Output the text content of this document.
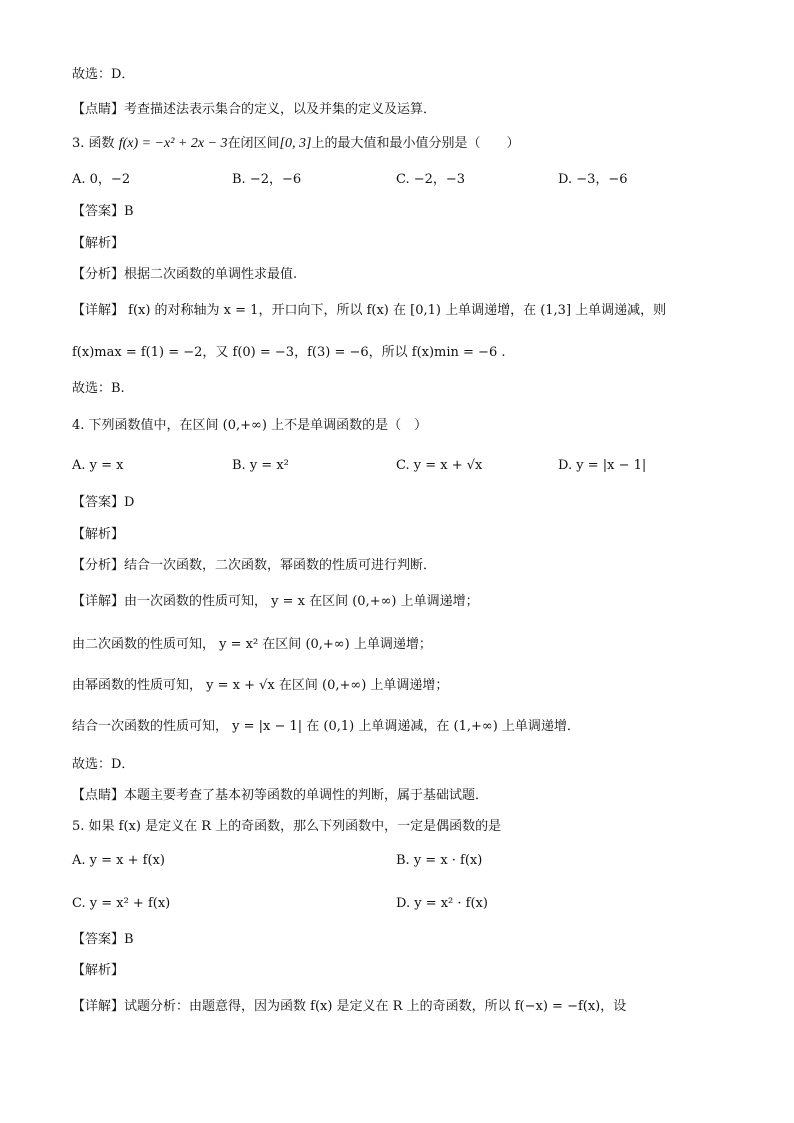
故选：D．
【点睛】考查描述法表示集合的定义，以及并集的定义及运算．
3. 函数 f(x) = −x² + 2x − 3在闭区间[0, 3]上的最大值和最小值分别是（　　）
A. 0，−2	B. −2，−6	C. −2，−3	D. −3，−6
【答案】B
【解析】
【分析】根据二次函数的单调性求最值.
【详解】 f(x) 的对称轴为 x = 1，开口向下，所以 f(x) 在 [0,1) 上单调递增，在 (1,3] 上单调递减，则
f(x)max = f(1) = −2，又 f(0) = −3，f(3) = −6，所以 f(x)min = −6 .
故选：B.
4. 下列函数值中，在区间 (0,+∞) 上不是单调函数的是（　）
A. y = x	B. y = x²	C. y = x + √x	D. y = |x − 1|
【答案】D
【解析】
【分析】结合一次函数，二次函数，幂函数的性质可进行判断．
【详解】由一次函数的性质可知， y = x 在区间 (0,+∞) 上单调递增；
由二次函数的性质可知， y = x² 在区间 (0,+∞) 上单调递增；
由幂函数的性质可知， y = x + √x 在区间 (0,+∞) 上单调递增；
结合一次函数的性质可知， y = |x − 1| 在 (0,1) 上单调递减，在 (1,+∞) 上单调递增．
故选：D．
【点睛】本题主要考查了基本初等函数的单调性的判断，属于基础试题．
5. 如果 f(x) 是定义在 R 上的奇函数，那么下列函数中，一定是偶函数的是
A. y = x + f(x)	B. y = x · f(x)
C. y = x² + f(x)	D. y = x² · f(x)
【答案】B
【解析】
【详解】试题分析：由题意得，因为函数 f(x) 是定义在 R 上的奇函数，所以 f(−x) = −f(x)，设
